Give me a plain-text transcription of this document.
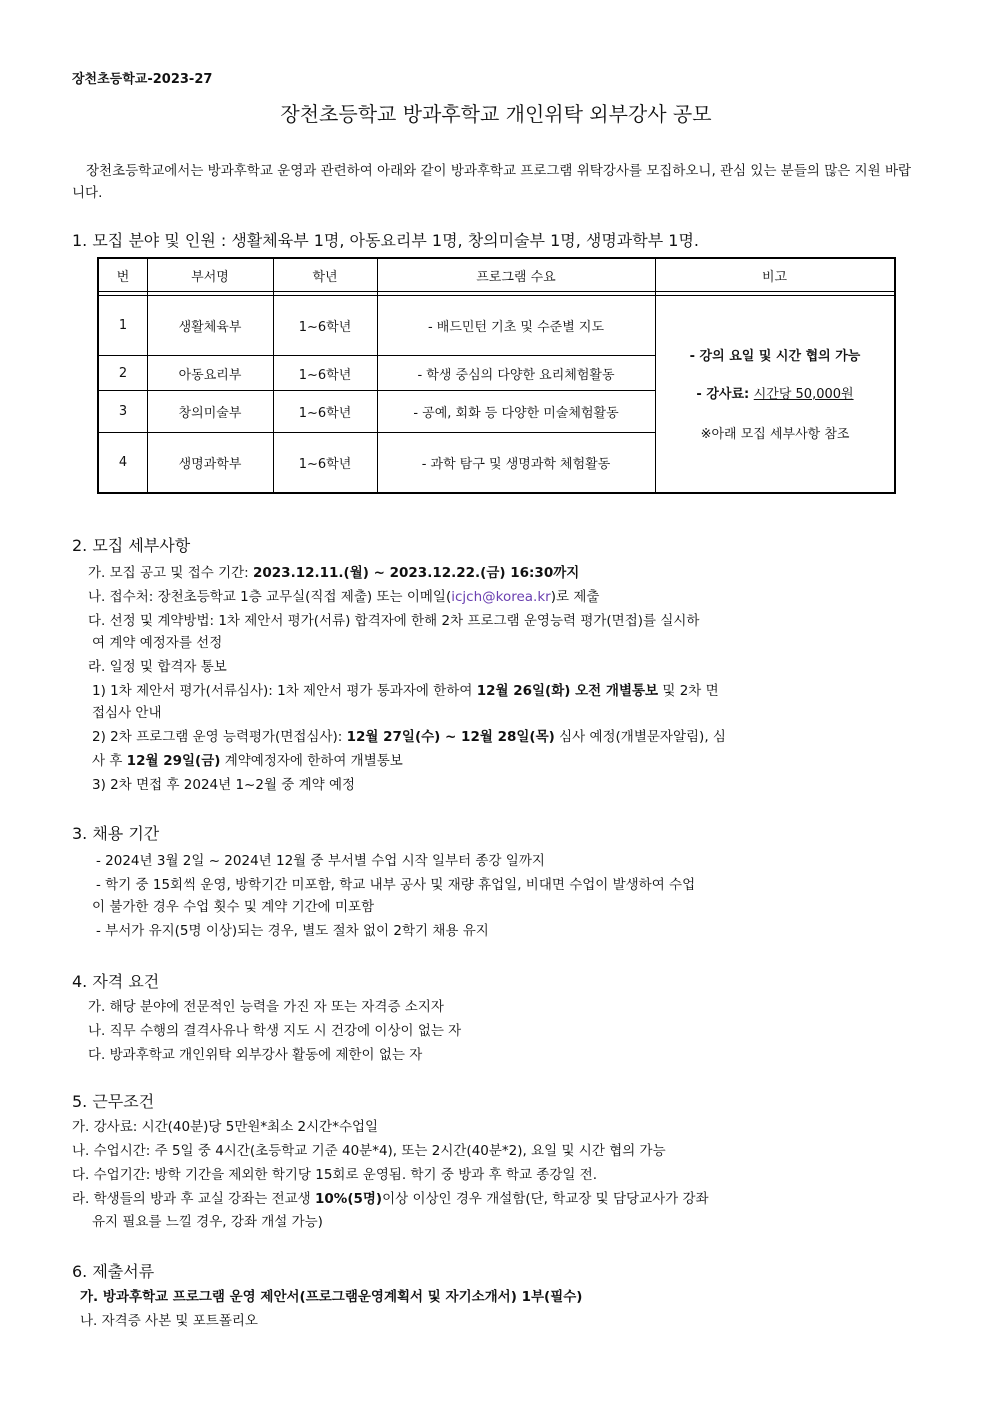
장천초등학교-2023-27
장천초등학교 방과후학교 개인위탁 외부강사 공모
장천초등학교에서는 방과후학교 운영과 관련하여 아래와 같이 방과후학교 프로그램 위탁강사를 모집하오니, 관심 있는 분들의 많은 지원 바랍니다.
1. 모집 분야 및 인원 : 생활체육부 1명, 아동요리부 1명, 창의미술부 1명, 생명과학부 1명.
번	부서명	학년	프로그램 수요	비고
1	생활체육부	1~6학년	- 배드민턴 기초 및 수준별 지도
2	아동요리부	1~6학년	- 학생 중심의 다양한 요리체험활동
3	창의미술부	1~6학년	- 공예, 회화 등 다양한 미술체험활동
4	생명과학부	1~6학년	- 과학 탐구 및 생명과학 체험활동
- 강의 요일 및 시간 협의 가능
- 강사료: 시간당 50,000원
※아래 모집 세부사항 참조
2. 모집 세부사항
가. 모집 공고 및 접수 기간: 2023.12.11.(월) ~ 2023.12.22.(금) 16:30까지
나. 접수처: 장천초등학교 1층 교무실(직접 제출) 또는 이메일(icjch@korea.kr)로 제출
다. 선정 및 계약방법: 1차 제안서 평가(서류) 합격자에 한해 2차 프로그램 운영능력 평가(면접)를 실시하
여 계약 예정자를 선정
라. 일정 및 합격자 통보
1) 1차 제안서 평가(서류심사): 1차 제안서 평가 통과자에 한하여 12월 26일(화) 오전 개별통보 및 2차 면
접심사 안내
2) 2차 프로그램 운영 능력평가(면접심사): 12월 27일(수) ~ 12월 28일(목) 심사 예정(개별문자알림), 심
사 후 12월 29일(금) 계약예정자에 한하여 개별통보
3) 2차 면접 후 2024년 1~2월 중 계약 예정
3. 채용 기간
- 2024년 3월 2일 ~ 2024년 12월 중 부서별 수업 시작 일부터 종강 일까지
- 학기 중 15회씩 운영, 방학기간 미포함, 학교 내부 공사 및 재량 휴업일, 비대면 수업이 발생하여 수업
이 불가한 경우 수업 횟수 및 계약 기간에 미포함
- 부서가 유지(5명 이상)되는 경우, 별도 절차 없이 2학기 채용 유지
4. 자격 요건
가. 해당 분야에 전문적인 능력을 가진 자 또는 자격증 소지자
나. 직무 수행의 결격사유나 학생 지도 시 건강에 이상이 없는 자
다. 방과후학교 개인위탁 외부강사 활동에 제한이 없는 자
5. 근무조건
가. 강사료: 시간(40분)당 5만원*최소 2시간*수업일
나. 수업시간: 주 5일 중 4시간(초등학교 기준 40분*4), 또는 2시간(40분*2), 요일 및 시간 협의 가능
다. 수업기간: 방학 기간을 제외한 학기당 15회로 운영됨. 학기 중 방과 후 학교 종강일 전.
라. 학생들의 방과 후 교실 강좌는 전교생 10%(5명)이상 이상인 경우 개설함(단, 학교장 및 담당교사가 강좌
유지 필요를 느낄 경우, 강좌 개설 가능)
6. 제출서류
가. 방과후학교 프로그램 운영 제안서(프로그램운영계획서 및 자기소개서) 1부(필수)
나. 자격증 사본 및 포트폴리오
